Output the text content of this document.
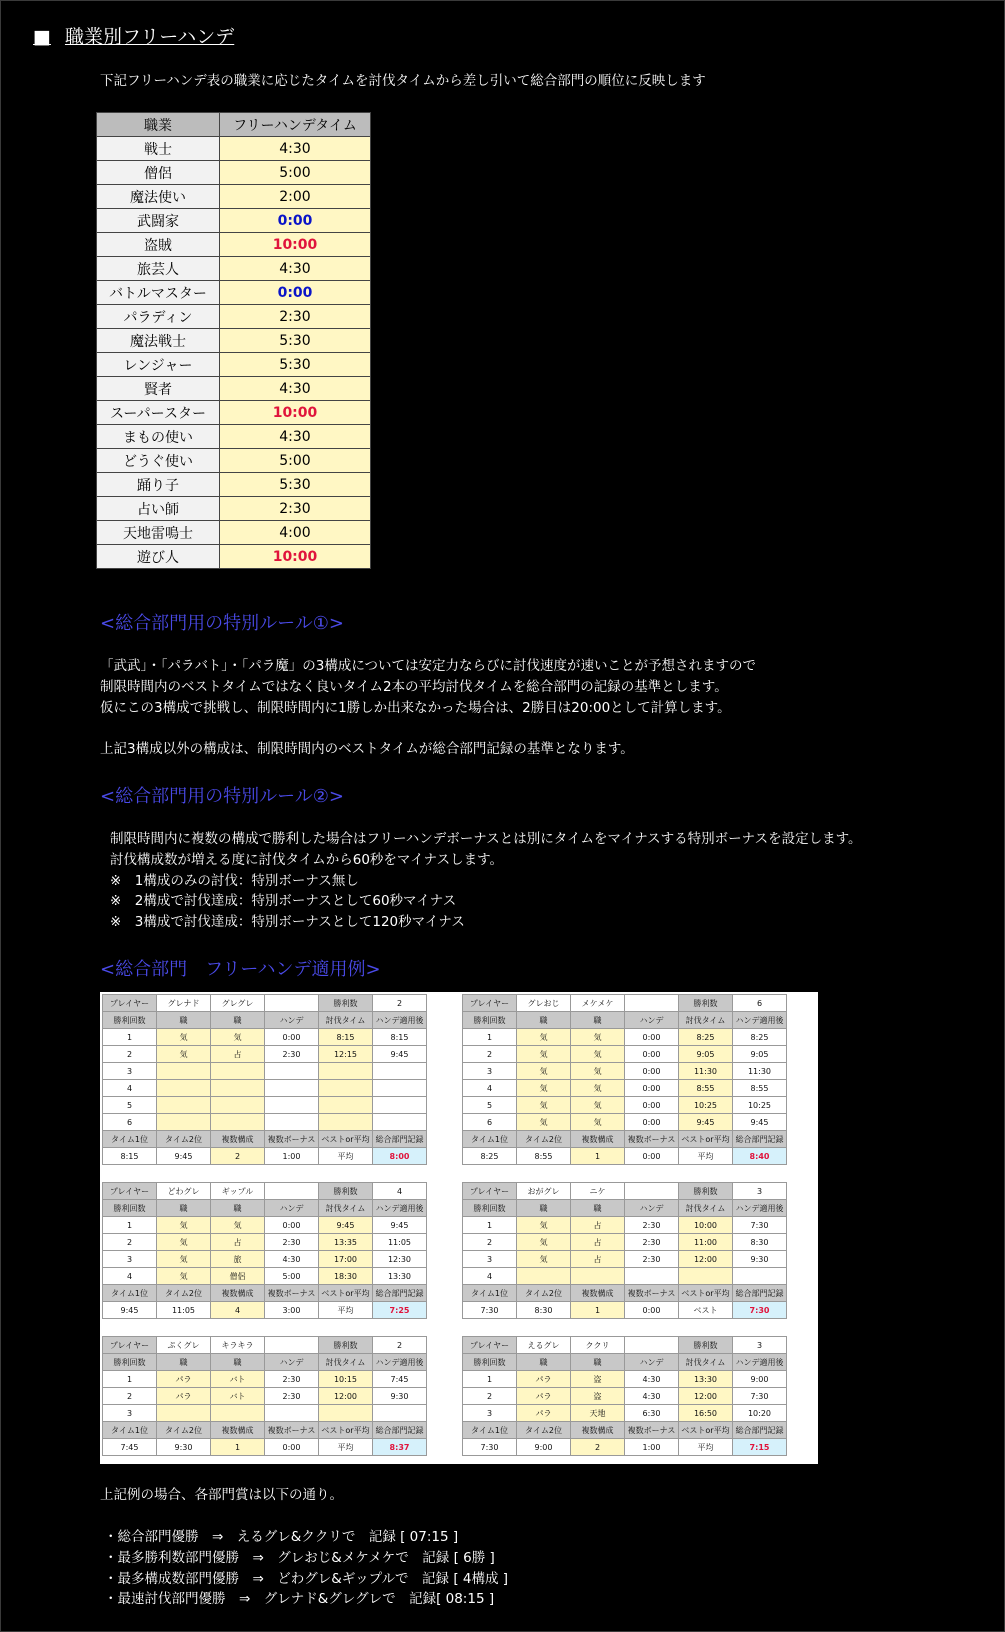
■ 職業別フリーハンデ
下記フリーハンデ表の職業に応じたタイムを討伐タイムから差し引いて総合部門の順位に反映します
職業	フリーハンデタイム
戦士	4:30
僧侶	5:00
魔法使い	2:00
武闘家	0:00
盗賊	10:00
旅芸人	4:30
バトルマスター	0:00
パラディン	2:30
魔法戦士	5:30
レンジャー	5:30
賢者	4:30
スーパースター	10:00
まもの使い	4:30
どうぐ使い	5:00
踊り子	5:30
占い師	2:30
天地雷鳴士	4:00
遊び人	10:00
<総合部門用の特別ルール①>
「武武」・「パラバト」・「パラ魔」の3構成については安定力ならびに討伐速度が速いことが予想されますので
制限時間内のベストタイムではなく良いタイム2本の平均討伐タイムを総合部門の記録の基準とします。
仮にこの3構成で挑戦し、制限時間内に1勝しか出来なかった場合は、2勝目は20:00として計算します。
上記3構成以外の構成は、制限時間内のベストタイムが総合部門記録の基準となります。
<総合部門用の特別ルール②>
制限時間内に複数の構成で勝利した場合はフリーハンデボーナスとは別にタイムをマイナスする特別ボーナスを設定します。
討伐構成数が増える度に討伐タイムから60秒をマイナスします。
※　1構成のみの討伐：特別ボーナス無し
※　2構成で討伐達成：特別ボーナスとして60秒マイナス
※　3構成で討伐達成：特別ボーナスとして120秒マイナス
<総合部門　フリーハンデ適用例>
プレイヤー	グレナド	グレグレ		勝利数	2
勝利回数	職	職	ハンデ	討伐タイム	ハンデ適用後
1	気	気	0:00	8:15	8:15
2	気	占	2:30	12:15	9:45
3					
4					
5					
6					
タイム1位	タイム2位	複数構成	複数ボーナス	ベストor平均	総合部門記録
8:15	9:45	2	1:00	平均	8:00
プレイヤー	グレおじ	メケメケ		勝利数	6
勝利回数	職	職	ハンデ	討伐タイム	ハンデ適用後
1	気	気	0:00	8:25	8:25
2	気	気	0:00	9:05	9:05
3	気	気	0:00	11:30	11:30
4	気	気	0:00	8:55	8:55
5	気	気	0:00	10:25	10:25
6	気	気	0:00	9:45	9:45
タイム1位	タイム2位	複数構成	複数ボーナス	ベストor平均	総合部門記録
8:25	8:55	1	0:00	平均	8:40
プレイヤー	どわグレ	ギップル		勝利数	4
勝利回数	職	職	ハンデ	討伐タイム	ハンデ適用後
1	気	気	0:00	9:45	9:45
2	気	占	2:30	13:35	11:05
3	気	旅	4:30	17:00	12:30
4	気	僧侶	5:00	18:30	13:30
タイム1位	タイム2位	複数構成	複数ボーナス	ベストor平均	総合部門記録
9:45	11:05	4	3:00	平均	7:25
プレイヤー	おがグレ	ニケ		勝利数	3
勝利回数	職	職	ハンデ	討伐タイム	ハンデ適用後
1	気	占	2:30	10:00	7:30
2	気	占	2:30	11:00	8:30
3	気	占	2:30	12:00	9:30
4					
タイム1位	タイム2位	複数構成	複数ボーナス	ベストor平均	総合部門記録
7:30	8:30	1	0:00	ベスト	7:30
プレイヤー	ぷくグレ	キラキラ		勝利数	2
勝利回数	職	職	ハンデ	討伐タイム	ハンデ適用後
1	パラ	バト	2:30	10:15	7:45
2	パラ	バト	2:30	12:00	9:30
3					
タイム1位	タイム2位	複数構成	複数ボーナス	ベストor平均	総合部門記録
7:45	9:30	1	0:00	平均	8:37
プレイヤー	えるグレ	ククリ		勝利数	3
勝利回数	職	職	ハンデ	討伐タイム	ハンデ適用後
1	パラ	盗	4:30	13:30	9:00
2	パラ	盗	4:30	12:00	7:30
3	パラ	天地	6:30	16:50	10:20
タイム1位	タイム2位	複数構成	複数ボーナス	ベストor平均	総合部門記録
7:30	9:00	2	1:00	平均	7:15
上記例の場合、各部門賞は以下の通り。
・総合部門優勝　⇒　えるグレ&ククリで　記録 [ 07:15 ]
・最多勝利数部門優勝　⇒　グレおじ&メケメケで　記録 [ 6勝 ]
・最多構成数部門優勝　⇒　どわグレ&ギップルで　記録 [ 4構成 ]
・最速討伐部門優勝　⇒　グレナド&グレグレで　記録[ 08:15 ]
